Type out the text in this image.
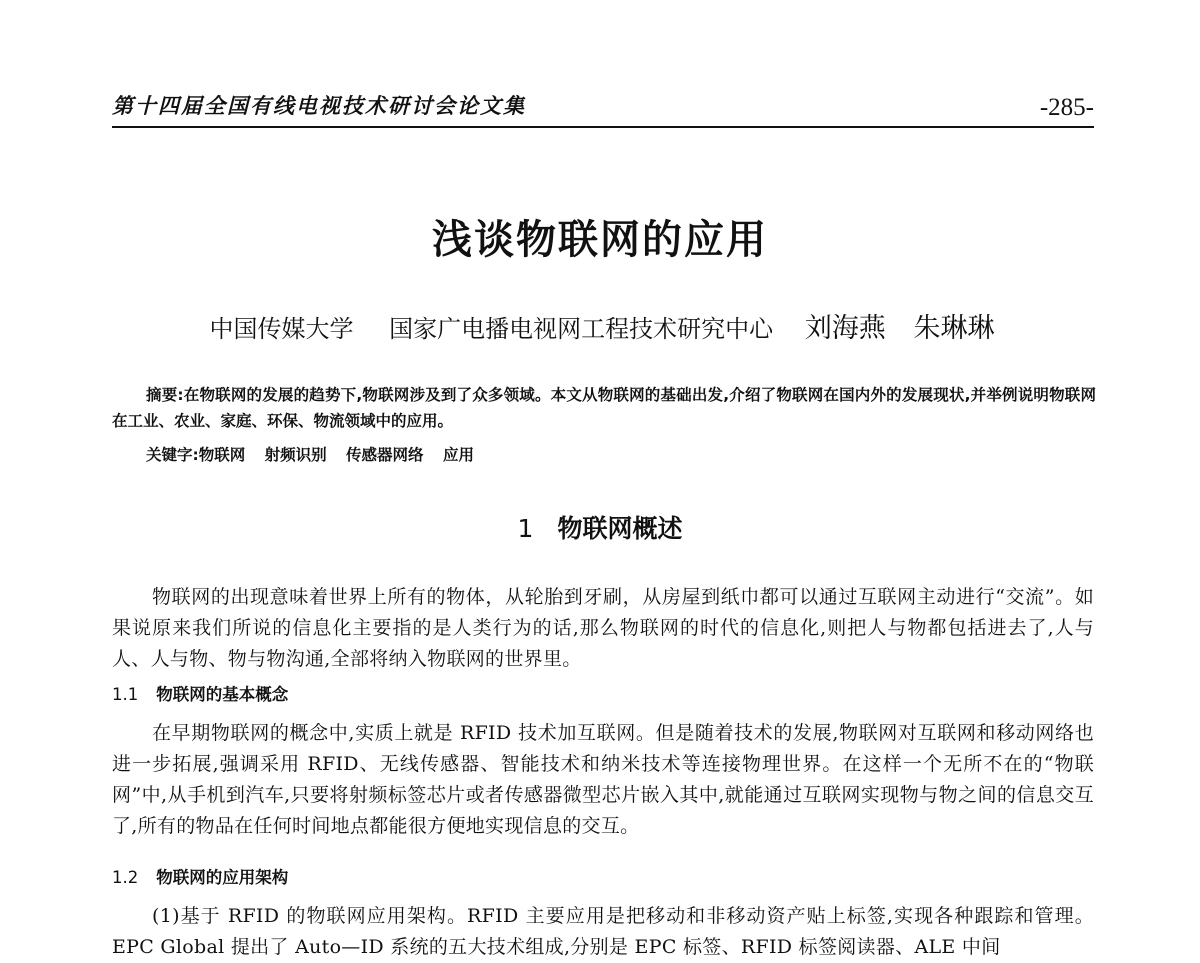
第十四届全国有线电视技术研讨会论文集	-285-
浅谈物联网的应用
中国传媒大学 国家广电播电视网工程技术研究中心 刘海燕 朱琳琳
摘要:在物联网的发展的趋势下,物联网涉及到了众多领域。本文从物联网的基础出发,介绍了物联网在国内外的发展现状,并举例说明物联网在工业、农业、家庭、环保、物流领域中的应用。
关键字:物联网 射频识别 传感器网络 应用
1 物联网概述
物联网的出现意味着世界上所有的物体，从轮胎到牙刷，从房屋到纸巾都可以通过互联网主动进行“交流”。如果说原来我们所说的信息化主要指的是人类行为的话,那么物联网的时代的信息化,则把人与物都包括进去了,人与人、人与物、物与物沟通,全部将纳入物联网的世界里。
1.1 物联网的基本概念
在早期物联网的概念中,实质上就是 RFID 技术加互联网。但是随着技术的发展,物联网对互联网和移动网络也进一步拓展,强调采用 RFID、无线传感器、智能技术和纳米技术等连接物理世界。在这样一个无所不在的“物联网”中,从手机到汽车,只要将射频标签芯片或者传感器微型芯片嵌入其中,就能通过互联网实现物与物之间的信息交互了,所有的物品在任何时间地点都能很方便地实现信息的交互。
1.2 物联网的应用架构
(1)基于 RFID 的物联网应用架构。RFID 主要应用是把移动和非移动资产贴上标签,实现各种跟踪和管理。EPC Global 提出了 Auto—ID 系统的五大技术组成,分别是 EPC 标签、RFID 标签阅读器、ALE 中间
